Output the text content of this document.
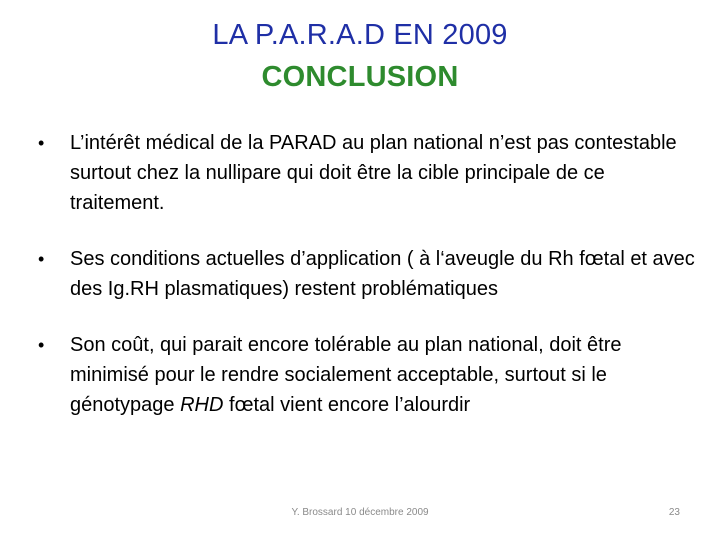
LA P.A.R.A.D EN 2009
CONCLUSION
•	L’intérêt médical de la PARAD au plan national n’est pas contestable surtout chez la nullipare qui doit être la cible principale de ce traitement.
•	Ses conditions actuelles d’application ( à l‘aveugle du Rh fœtal et avec des Ig.RH plasmatiques) restent problématiques
•	Son coût, qui parait encore tolérable au plan national, doit être minimisé pour le rendre socialement acceptable, surtout si le génotypage RHD fœtal vient encore l’alourdir
Y. Brossard 10 décembre 2009	23
